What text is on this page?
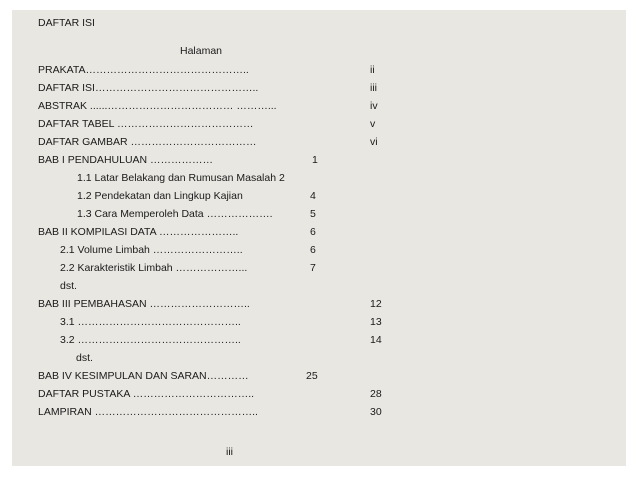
DAFTAR ISI
Halaman
PRAKATA………………………………………..	ii
DAFTAR ISI………………………………………..	iii
ABSTRAK ......……………………………… ………...	iv
DAFTAR TABEL …………………………………	v
DAFTAR GAMBAR ………………………………	vi
BAB I PENDAHULUAN ………………	1
1.1 Latar Belakang dan Rumusan Masalah 2
1.2 Pendekatan dan Lingkup Kajian	4
1.3 Cara Memperoleh Data ……………….	5
BAB II KOMPILASI DATA …………………..	6
2.1 Volume Limbah ……………………..	6
2.2 Karakteristik Limbah ………………...	7
dst.
BAB III PEMBAHASAN ………………………..	12
3.1 ………………………………………..	13
3.2 ………………………………………..	14
dst.
BAB IV KESIMPULAN DAN SARAN…………	25
DAFTAR PUSTAKA ……………………………..	28
LAMPIRAN ………………………………………..	30
iii
